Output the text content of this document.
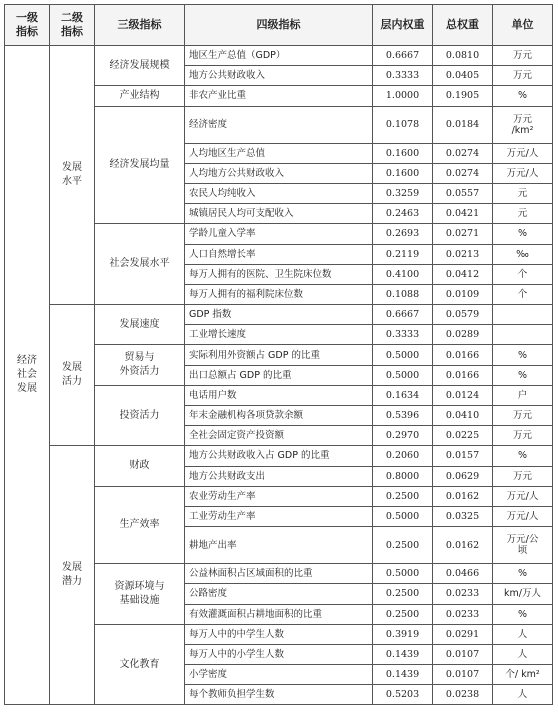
一级
指标	二级
指标	三级指标	四级指标	层内权重	总权重	单位
经济
社会
发展	发展
水平	经济发展规模	地区生产总值（GDP）	0.6667	0.0810	万元
			地方公共财政收入	0.3333	0.0405	万元
		产业结构	非农产业比重	1.0000	0.1905	%
		经济发展均量	经济密度	0.1078	0.0184	万元
/km²
			人均地区生产总值	0.1600	0.0274	万元/人
			人均地方公共财政收入	0.1600	0.0274	万元/人
			农民人均纯收入	0.3259	0.0557	元
			城镇居民人均可支配收入	0.2463	0.0421	元
		社会发展水平	学龄儿童入学率	0.2693	0.0271	%
			人口自然增长率	0.2119	0.0213	‰
			每万人拥有的医院、卫生院床位数	0.4100	0.0412	个
			每万人拥有的福利院床位数	0.1088	0.0109	个
	发展
活力	发展速度	GDP 指数	0.6667	0.0579	
			工业增长速度	0.3333	0.0289	
		贸易与
外资活力	实际利用外资额占 GDP 的比重	0.5000	0.0166	%
			出口总额占 GDP 的比重	0.5000	0.0166	%
		投资活力	电话用户数	0.1634	0.0124	户
			年末金融机构各项贷款余额	0.5396	0.0410	万元
			全社会固定资产投资额	0.2970	0.0225	万元
	发展
潜力	财政	地方公共财政收入占 GDP 的比重	0.2060	0.0157	%
			地方公共财政支出	0.8000	0.0629	万元
		生产效率	农业劳动生产率	0.2500	0.0162	万元/人
			工业劳动生产率	0.5000	0.0325	万元/人
			耕地产出率	0.2500	0.0162	万元/公
顷
		资源环境与
基础设施	公益林面积占区域面积的比重	0.5000	0.0466	%
			公路密度	0.2500	0.0233	km/万人
			有效灌溉面积占耕地面积的比重	0.2500	0.0233	%
		文化教育	每万人中的中学生人数	0.3919	0.0291	人
			每万人中的小学生人数	0.1439	0.0107	人
			小学密度	0.1439	0.0107	个/ km²
			每个教师负担学生数	0.5203	0.0238	人
